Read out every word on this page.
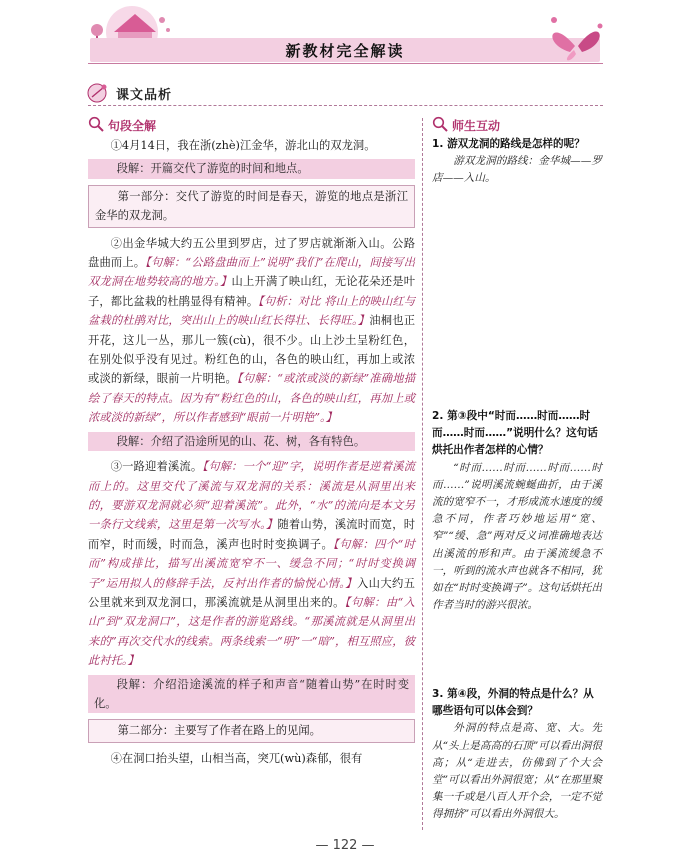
新教材完全解读
课文品析
句段全解

①4月14日，我在浙(zhè)江金华，游北山的双龙洞。

段解：开篇交代了游览的时间和地点。

第一部分：交代了游览的时间是春天，游览的地点是浙江金华的双龙洞。

②出金华城大约五公里到罗店，过了罗店就渐渐入山。公路盘曲而上。【句解：“公路盘曲而上”说明“我们”在爬山，间接写出双龙洞在地势较高的地方。】山上开满了映山红，无论花朵还是叶子，都比盆栽的杜鹃显得有精神。【句析：对比 将山上的映山红与盆栽的杜鹃对比，突出山上的映山红长得壮、长得旺。】油桐也正开花，这儿一丛，那儿一簇(cù)，很不少。山上沙土呈粉红色，在别处似乎没有见过。粉红色的山，各色的映山红，再加上或浓或淡的新绿，眼前一片明艳。【句解：“或浓或淡的新绿”准确地描绘了春天的特点。因为有“粉红色的山，各色的映山红，再加上或浓或淡的新绿”，所以作者感到“眼前一片明艳”。】

段解：介绍了沿途所见的山、花、树，各有特色。

③一路迎着溪流。【句解：一个“迎”字，说明作者是逆着溪流而上的。这里交代了溪流与双龙洞的关系：溪流是从洞里出来的，要游双龙洞就必须“迎着溪流”。此外，“水”的流向是本文另一条行文线索，这里是第一次写水。】随着山势，溪流时而宽，时而窄，时而缓，时而急，溪声也时时变换调子。【句解：四个“时而”构成排比，描写出溪流宽窄不一、缓急不同；“时时变换调子”运用拟人的修辞手法，反衬出作者的愉悦心情。】入山大约五公里就来到双龙洞口，那溪流就是从洞里出来的。【句解：由“入山”到“双龙洞口”，这是作者的游览路线。“那溪流就是从洞里出来的”再次交代水的线索。两条线索一“明”一“暗”，相互照应，彼此衬托。】

段解：介绍沿途溪流的样子和声音“随着山势”在时时变化。

第二部分：主要写了作者在路上的见闻。

④在洞口抬头望，山相当高，突兀(wù)森郁，很有

师生互动

1. 游双龙洞的路线是怎样的呢？

游双龙洞的路线：金华城——罗店——入山。

2. 第③段中“时而……时而……时而……时而……”说明什么？这句话烘托出作者怎样的心情？

“时而……时而……时而……时而……”说明溪流蜿蜒曲折，由于溪流的宽窄不一，才形成流水速度的缓急不同，作者巧妙地运用“宽、窄”“缓、急”两对反义词准确地表达出溪流的形和声。由于溪流缓急不一，听到的流水声也就各不相同，犹如在“时时变换调子”。这句话烘托出作者当时的游兴很浓。

3. 第④段，外洞的特点是什么？从哪些语句可以体会到？

外洞的特点是高、宽、大。先从“头上是高高的石顶”可以看出洞很高；从“走进去，仿佛到了个大会堂”可以看出外洞很宽；从“在那里聚集一千或是八百人开个会，一定不觉得拥挤”可以看出外洞很大。

— 122 —
